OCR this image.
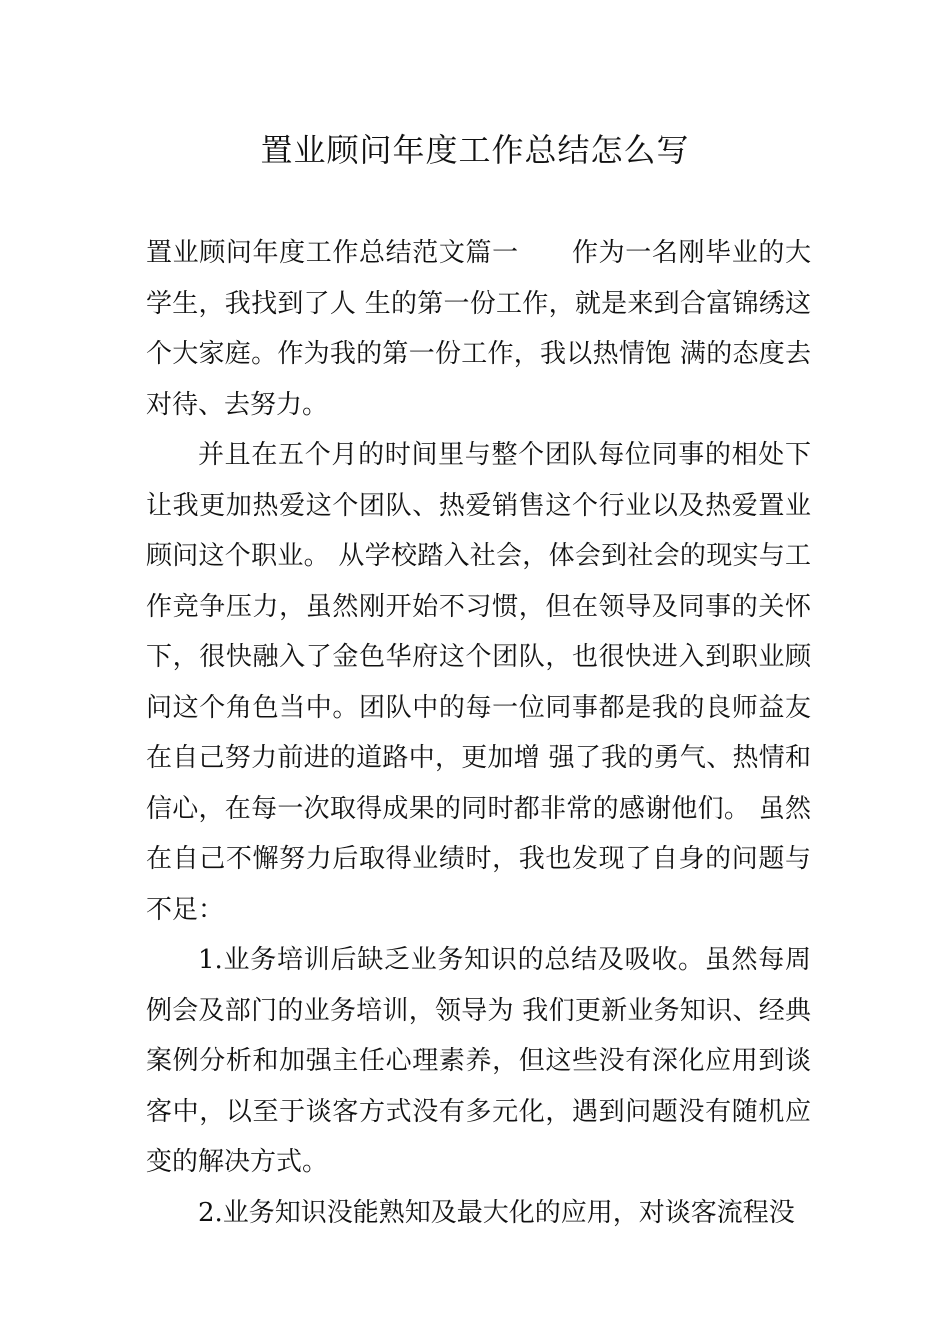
置业顾问年度工作总结怎么写

置业顾问年度工作总结范文篇一　　作为一名刚毕业的大学生，我找到了人 生的第一份工作，就是来到合富锦绣这个大家庭。作为我的第一份工作，我以热情饱 满的态度去对待、去努力。

并且在五个月的时间里与整个团队每位同事的相处下让我更加热爱这个团队、热爱销售这个行业以及热爱置业顾问这个职业。 从学校踏入社会，体会到社会的现实与工作竞争压力，虽然刚开始不习惯，但在领导及同事的关怀下，很快融入了金色华府这个团队，也很快进入到职业顾问这个角色当中。团队中的每一位同事都是我的良师益友在自己努力前进的道路中，更加增 强了我的勇气、热情和信心，在每一次取得成果的同时都非常的感谢他们。 虽然在自己不懈努力后取得业绩时，我也发现了自身的问题与不足：

1.业务培训后缺乏业务知识的总结及吸收。虽然每周例会及部门的业务培训，领导为 我们更新业务知识、经典案例分析和加强主任心理素养，但这些没有深化应用到谈客中，以至于谈客方式没有多元化，遇到问题没有随机应变的解决方式。

2.业务知识没能熟知及最大化的应用，对谈客流程没
